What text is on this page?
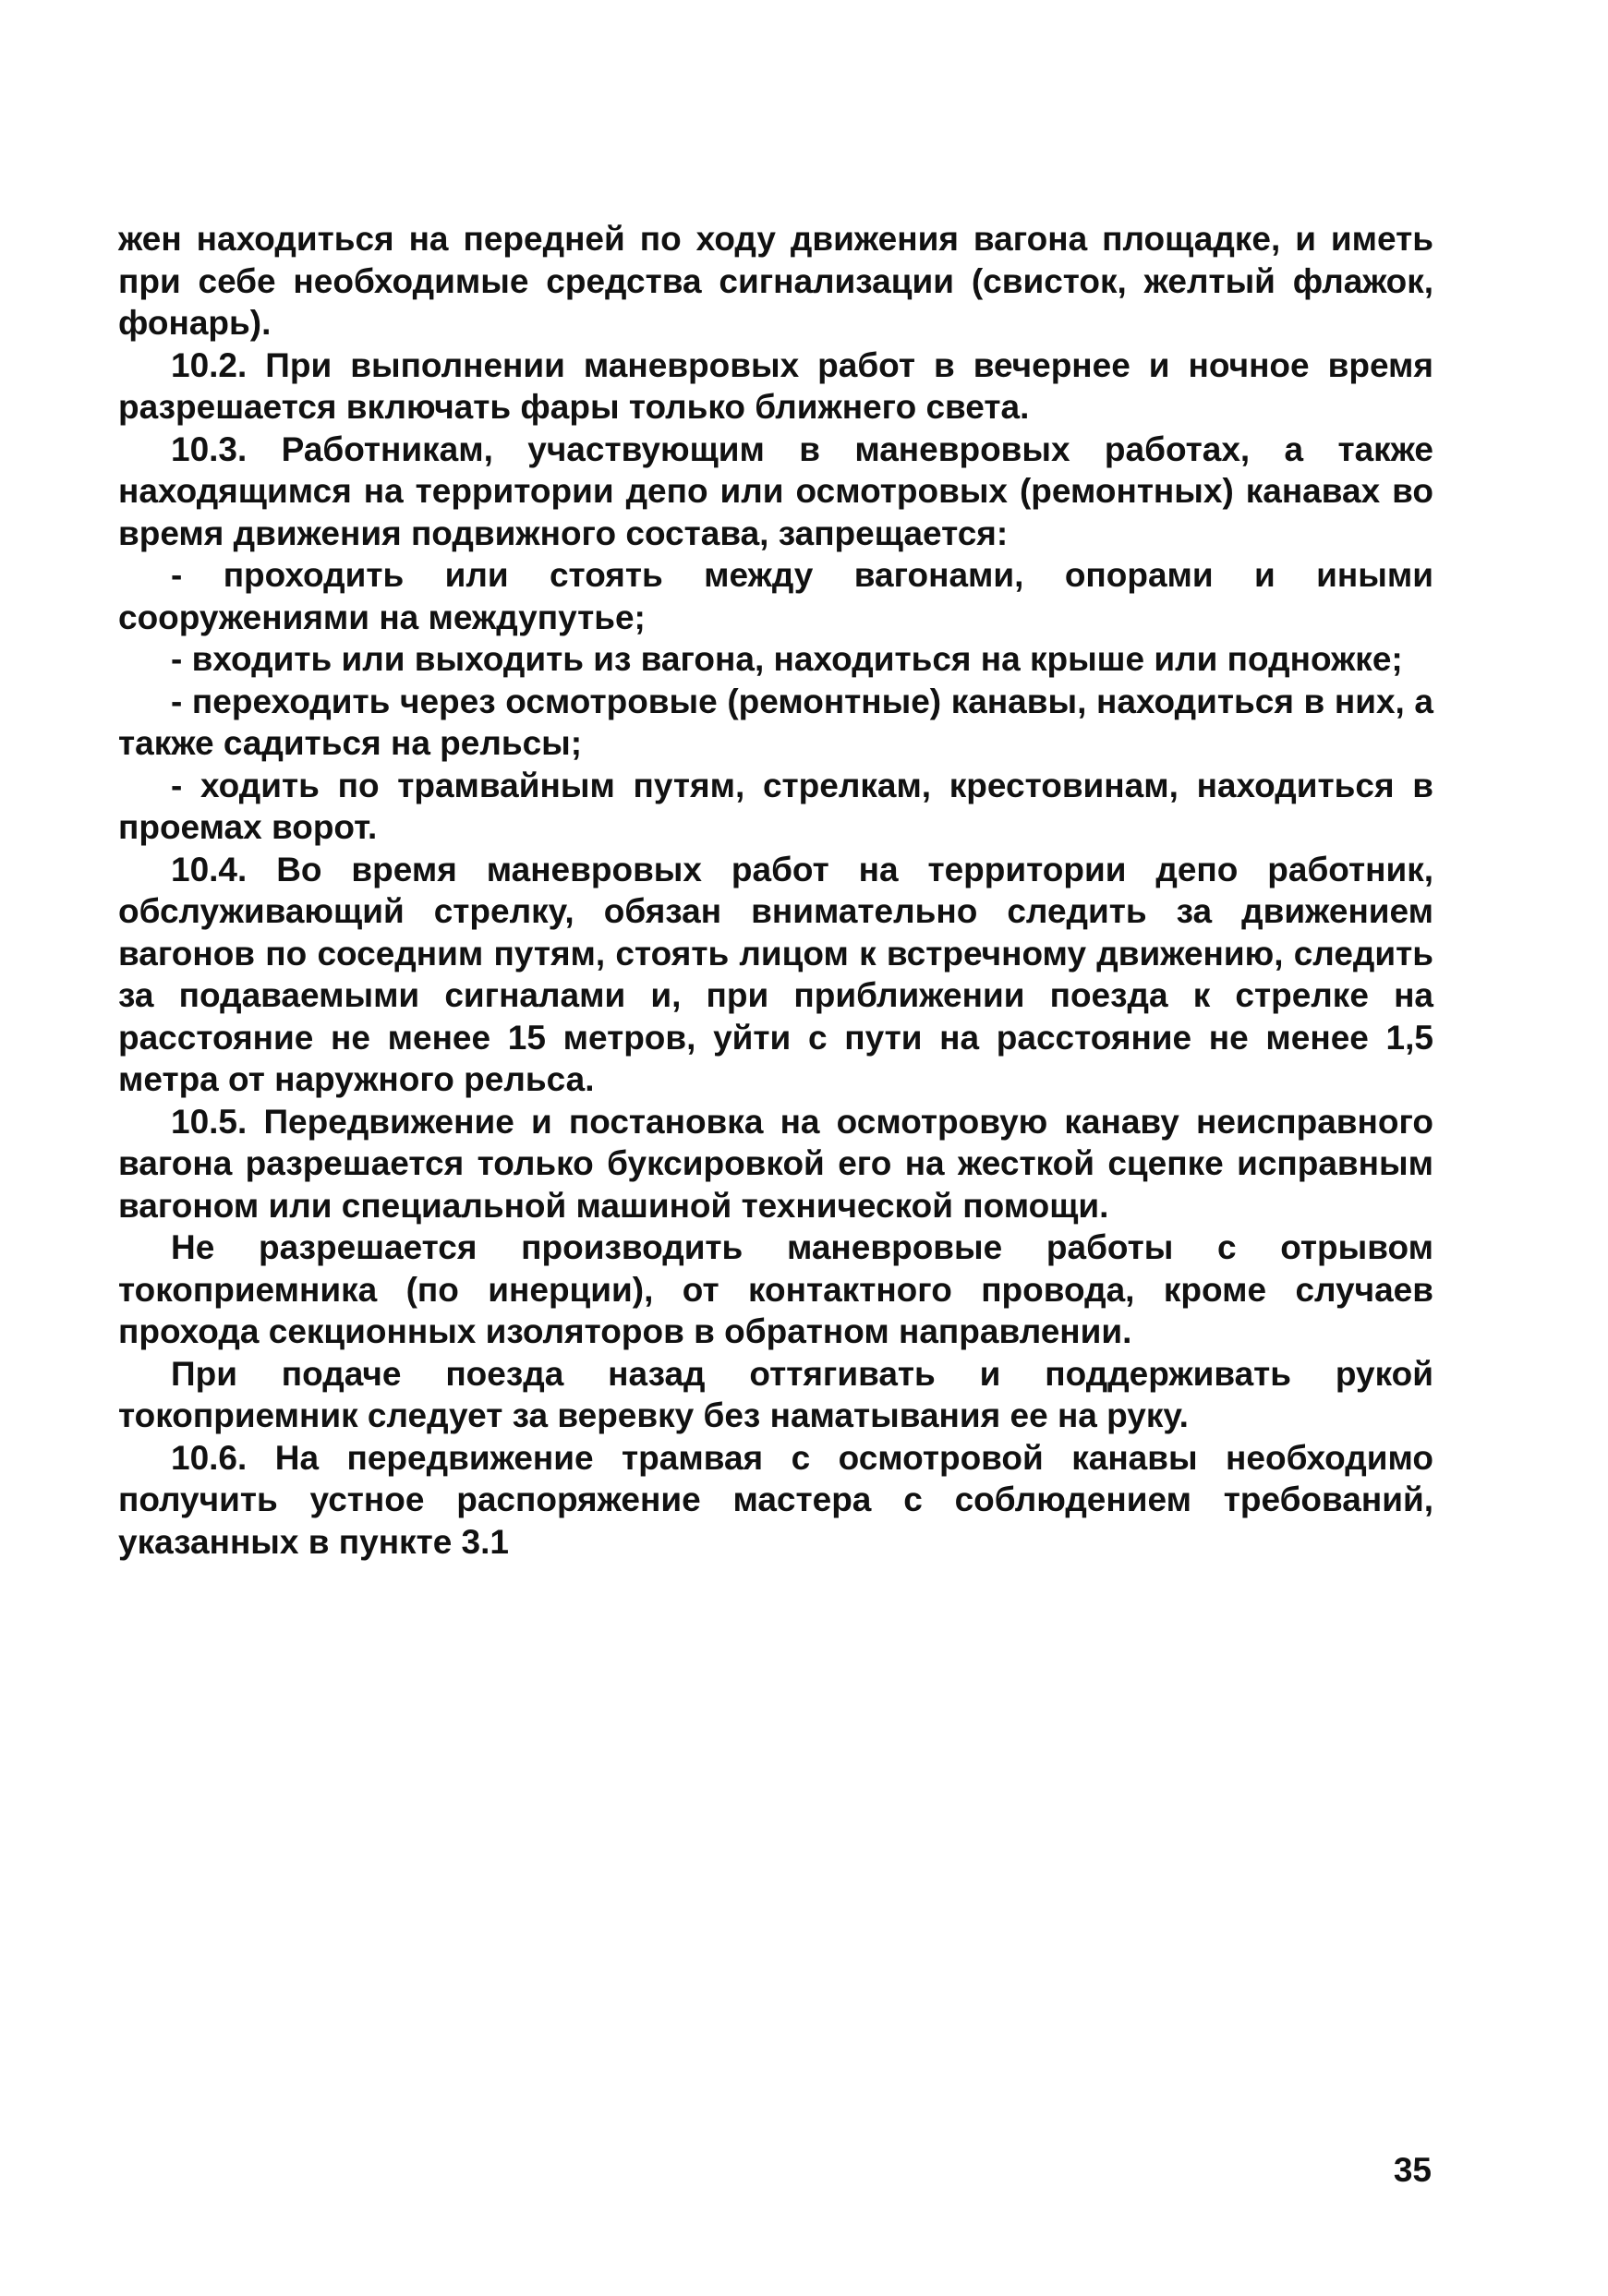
жен находиться на передней по ходу движения вагона площадке, и иметь при себе необходимые средства сигнализации (свисток, желтый флажок, фонарь).

10.2. При выполнении маневровых работ в вечернее и ночное время разрешается включать фары только ближнего света.

10.3. Работникам, участвующим в маневровых работах, а также находящимся на территории депо или осмотровых (ремонтных) канавах во время движения подвижного состава, запрещается:

- проходить или стоять между вагонами, опорами и иными сооружениями на междупутье;

- входить или выходить из вагона, находиться на крыше или подножке;

- переходить через осмотровые (ремонтные) канавы, находиться в них, а также садиться на рельсы;

- ходить по трамвайным путям, стрелкам, крестовинам, находиться в проемах ворот.

10.4. Во время маневровых работ на территории депо работник, обслуживающий стрелку, обязан внимательно следить за движением вагонов по соседним путям, стоять лицом к встречному движению, следить за подаваемыми сигналами и, при приближении поезда к стрелке на расстояние не менее 15 метров, уйти с пути на расстояние не менее 1,5 метра от наружного рельса.

10.5. Передвижение и постановка на осмотровую канаву неисправного вагона разрешается только буксировкой его на жесткой сцепке исправным вагоном или специальной машиной технической помощи.

Не разрешается производить маневровые работы с отрывом токоприемника (по инерции), от контактного провода, кроме случаев прохода секционных изоляторов в обратном направлении.

При подаче поезда назад оттягивать и поддерживать рукой токоприемник следует за веревку без наматывания ее на руку.

10.6. На передвижение трамвая с осмотровой канавы необходимо получить устное распоряжение мастера с соблюдением требований, указанных в пункте 3.1

35
